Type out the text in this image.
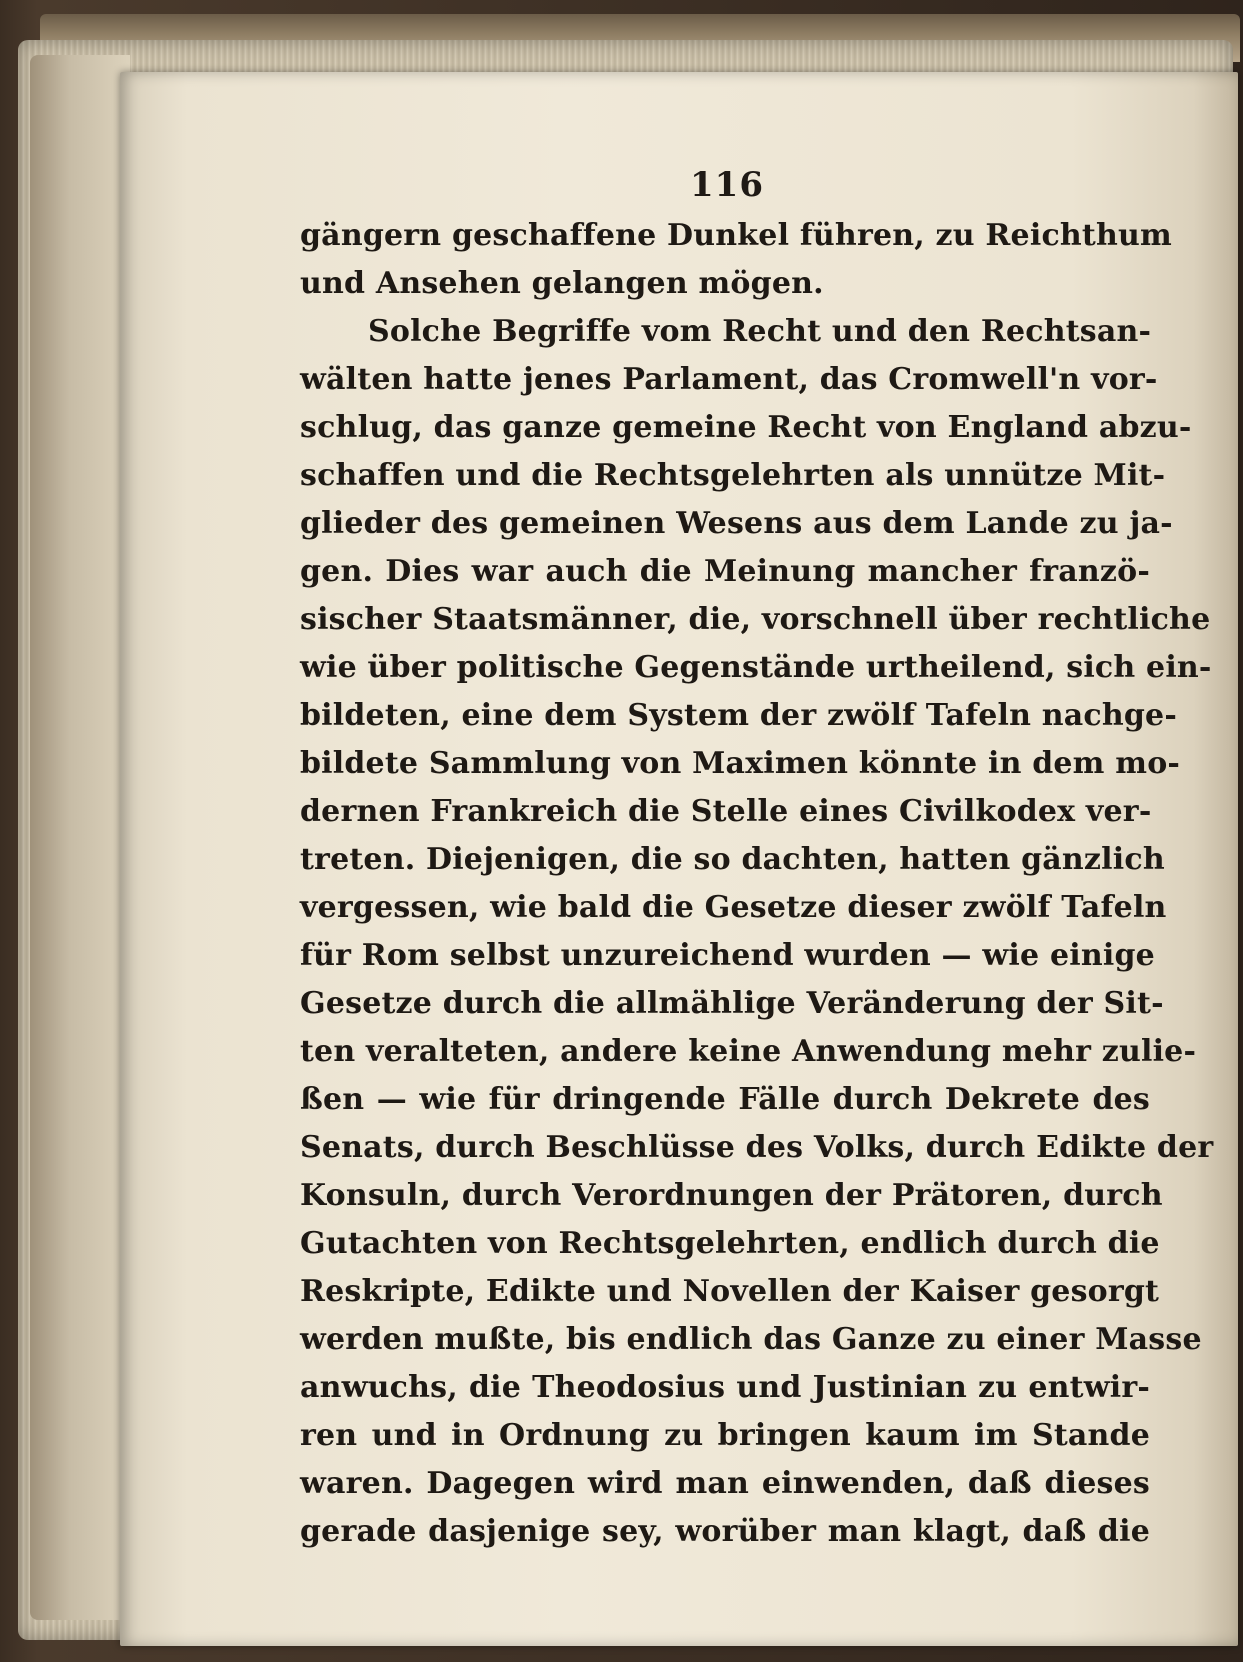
116
gängern geschaffene Dunkel führen, zu Reichthum
und Ansehen gelangen mögen.
Solche Begriffe vom Recht und den Rechtsan-
wälten hatte jenes Parlament, das Cromwell'n vor-
schlug, das ganze gemeine Recht von England abzu-
schaffen und die Rechtsgelehrten als unnütze Mit-
glieder des gemeinen Wesens aus dem Lande zu ja-
gen. Dies war auch die Meinung mancher franzö-
sischer Staatsmänner, die, vorschnell über rechtliche
wie über politische Gegenstände urtheilend, sich ein-
bildeten, eine dem System der zwölf Tafeln nachge-
bildete Sammlung von Maximen könnte in dem mo-
dernen Frankreich die Stelle eines Civilkodex ver-
treten. Diejenigen, die so dachten, hatten gänzlich
vergessen, wie bald die Gesetze dieser zwölf Tafeln
für Rom selbst unzureichend wurden — wie einige
Gesetze durch die allmählige Veränderung der Sit-
ten veralteten, andere keine Anwendung mehr zulie-
ßen — wie für dringende Fälle durch Dekrete des
Senats, durch Beschlüsse des Volks, durch Edikte der
Konsuln, durch Verordnungen der Prätoren, durch
Gutachten von Rechtsgelehrten, endlich durch die
Reskripte, Edikte und Novellen der Kaiser gesorgt
werden mußte, bis endlich das Ganze zu einer Masse
anwuchs, die Theodosius und Justinian zu entwir-
ren und in Ordnung zu bringen kaum im Stande
waren. Dagegen wird man einwenden, daß dieses
gerade dasjenige sey, worüber man klagt, daß die
